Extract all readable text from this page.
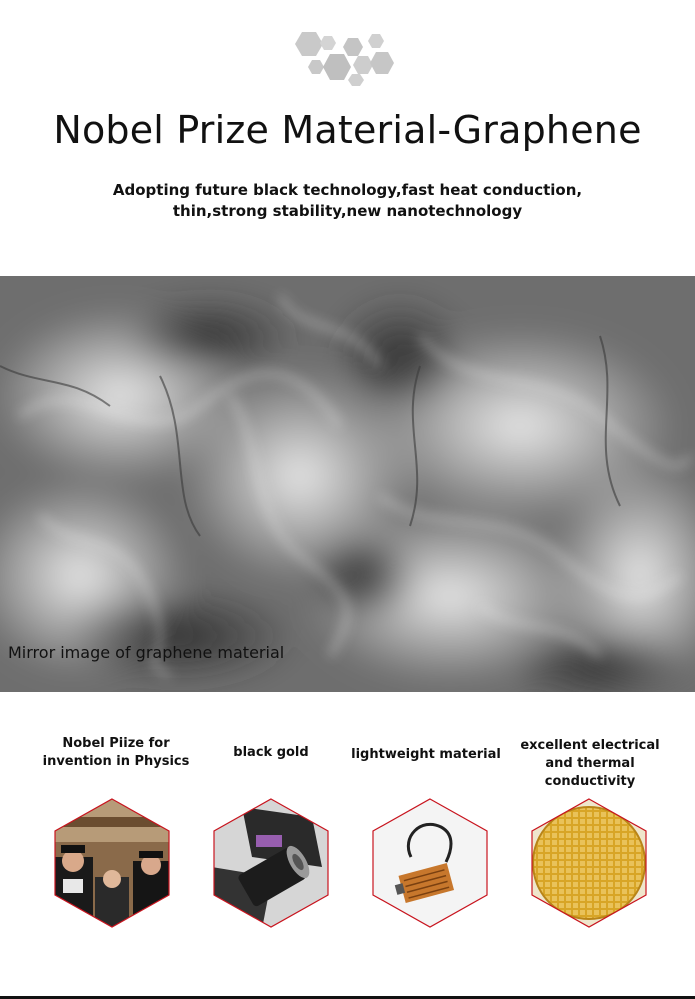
Nobel Prize Material-Graphene
Adopting future black technology,fast heat conduction,
thin,strong stability,new nanotechnology
Mirror image of graphene material
Nobel Piize for
invention in Physics
black gold	lightweight material
excellent electrical
and thermal conductivity
